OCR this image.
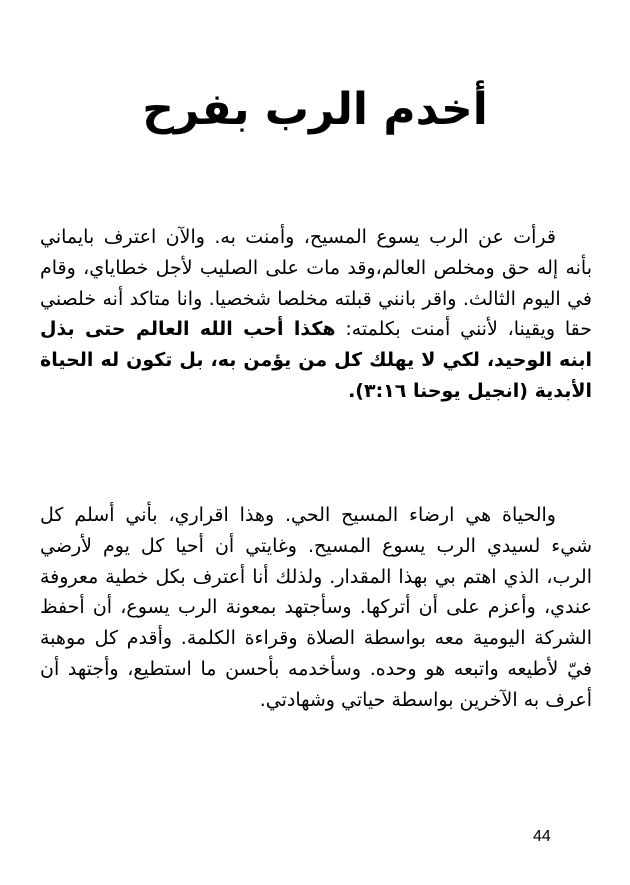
أخدم الرب بفرح

قرأت عن الرب يسوع المسيح، وأمنت به. والآن اعترف بايماني بأنه إله حق ومخلص العالم،وقد مات على الصليب لأجل خطاياي، وقام في اليوم الثالث. واقر بانني قبلته مخلصا شخصيا. وانا متاكد أنه خلصني حقا ويقينا، لأنني أمنت بكلمته: هكذا أحب الله العالم حتى بذل ابنه الوحيد، لكي لا يهلك كل من يؤمن به، بل تكون له الحياة الأبدية (انجيل يوحنا ٣:١٦).

والحياة هي ارضاء المسيح الحي. وهذا اقراري، بأني أسلم كل شيء لسيدي الرب يسوع المسيح. وغايتي أن أحيا كل يوم لأرضي الرب، الذي اهتم بي بهذا المقدار. ولذلك أنا أعترف بكل خطية معروفة عندي، وأعزم على أن أتركها. وسأجتهد بمعونة الرب يسوع، أن أحفظ الشركة اليومية معه بواسطة الصلاة وقراءة الكلمة. وأقدم كل موهبة فيّ لأطيعه واتبعه هو وحده. وسأخدمه بأحسن ما استطيع، وأجتهد أن أعرف به الآخرين بواسطة حياتي وشهادتي.

44
